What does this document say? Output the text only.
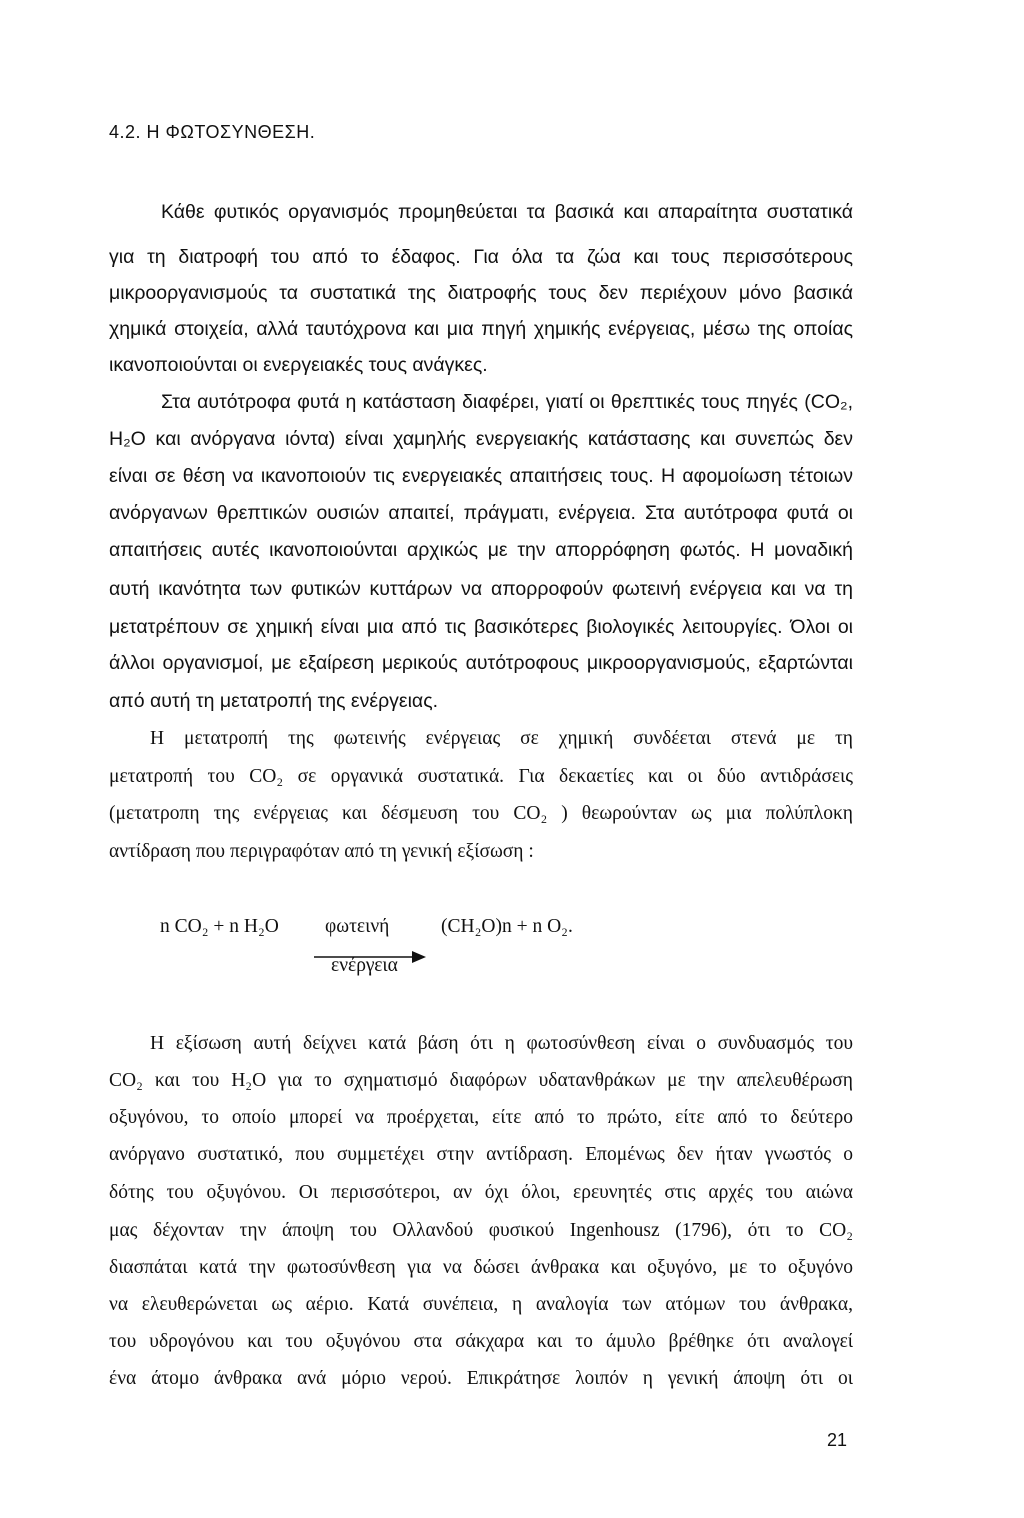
4.2. Η ΦΩΤΟΣΥΝΘΕΣΗ.
Κάθε φυτικός οργανισμός προμηθεύεται τα βασικά και απαραίτητα συστατικά
για τη διατροφή του από το έδαφος. Για όλα τα ζώα και τους περισσότερους
μικροοργανισμούς τα συστατικά της διατροφής τους δεν περιέχουν μόνο βασικά
χημικά στοιχεία, αλλά ταυτόχρονα και μια πηγή χημικής ενέργειας, μέσω της οποίας
ικανοποιούνται οι ενεργειακές τους ανάγκες.
Στα αυτότροφα φυτά η κατάσταση διαφέρει, γιατί οι θρεπτικές τους πηγές (CO₂,
H₂O και ανόργανα ιόντα) είναι χαμηλής ενεργειακής κατάστασης και συνεπώς δεν
είναι σε θέση να ικανοποιούν τις ενεργειακές απαιτήσεις τους. Η αφομοίωση τέτοιων
ανόργανων θρεπτικών ουσιών απαιτεί, πράγματι, ενέργεια. Στα αυτότροφα φυτά οι
απαιτήσεις αυτές ικανοποιούνται αρχικώς με την απορρόφηση φωτός. Η μοναδική
αυτή ικανότητα των φυτικών κυττάρων να απορροφούν φωτεινή ενέργεια και να τη
μετατρέπουν σε χημική είναι μια από τις βασικότερες βιολογικές λειτουργίες. Όλοι οι
άλλοι οργανισμοί, με εξαίρεση μερικούς αυτότροφους μικροοργανισμούς, εξαρτώνται
από αυτή τη μετατροπή της ενέργειας.
Η μετατροπή της φωτεινής ενέργειας σε χημική συνδέεται στενά με τη
μετατροπή του CO₂ σε οργανικά συστατικά. Για δεκαετίες και οι δύο αντιδράσεις
(μετατροπη της ενέργειας και δέσμευση του CO₂ ) θεωρούνταν ως μια πολύπλοκη
αντίδραση που περιγραφόταν από τη γενική εξίσωση :
n CO₂ + n H₂O φωτεινή	(CH₂O)n + n O₂.
ενέργεια
Η εξίσωση αυτή δείχνει κατά βάση ότι η φωτοσύνθεση είναι ο συνδυασμός του
CO₂ και του H₂O για το σχηματισμό διαφόρων υδατανθράκων με την απελευθέρωση
οξυγόνου, το οποίο μπορεί να προέρχεται, είτε από το πρώτο, είτε από το δεύτερο
ανόργανο συστατικό, που συμμετέχει στην αντίδραση. Επομένως δεν ήταν γνωστός ο
δότης του οξυγόνου. Οι περισσότεροι, αν όχι όλοι, ερευνητές στις αρχές του αιώνα
μας δέχονταν την άποψη του Ολλανδού φυσικού Ingenhousz (1796), ότι το CO₂
διασπάται κατά την φωτοσύνθεση για να δώσει άνθρακα και οξυγόνο, με το οξυγόνο
να ελευθερώνεται ως αέριο. Κατά συνέπεια, η αναλογία των ατόμων του άνθρακα,
του υδρογόνου και του οξυγόνου στα σάκχαρα και το άμυλο βρέθηκε ότι αναλογεί
ένα άτομο άνθρακα ανά μόριο νερού. Επικράτησε λοιπόν η γενική άποψη ότι οι
21
